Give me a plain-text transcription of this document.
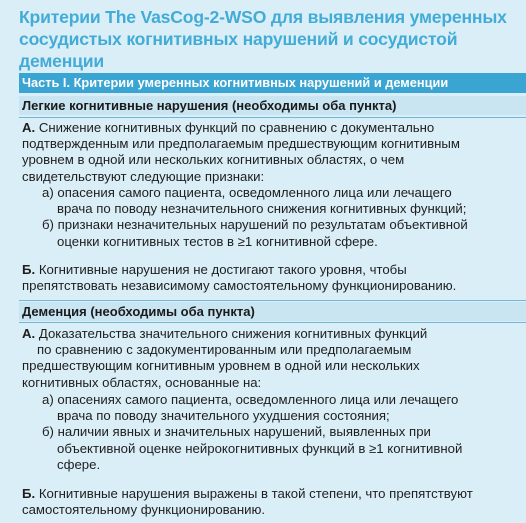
Критерии The VasCog-2-WSO для выявления умеренных
сосудистых когнитивных нарушений и сосудистой деменции
Часть I. Критерии умеренных когнитивных нарушений и деменции
Легкие когнитивные нарушения (необходимы оба пункта)
А. Снижение когнитивных функций по сравнению с документально
подтвержденным или предполагаемым предшествующим когнитивным
уровнем в одной или нескольких когнитивных областях, о чем
свидетельствуют следующие признаки:
а) опасения самого пациента, осведомленного лица или лечащего
врача по поводу незначительного снижения когнитивных функций;
б) признаки незначительных нарушений по результатам объективной
оценки когнитивных тестов в ≥1 когнитивной сфере.
Б. Когнитивные нарушения не достигают такого уровня, чтобы
препятствовать независимому самостоятельному функционированию.
Деменция (необходимы оба пункта)
А. Доказательства значительного снижения когнитивных функций
по сравнению с задокументированным или предполагаемым
предшествующим когнитивным уровнем в одной или нескольких
когнитивных областях, основанные на:
а) опасениях самого пациента, осведомленного лица или лечащего
врача по поводу значительного ухудшения состояния;
б) наличии явных и значительных нарушений, выявленных при
объективной оценке нейрокогнитивных функций в ≥1 когнитивной
сфере.
Б. Когнитивные нарушения выражены в такой степени, что препятствуют
самостоятельному функционированию.
